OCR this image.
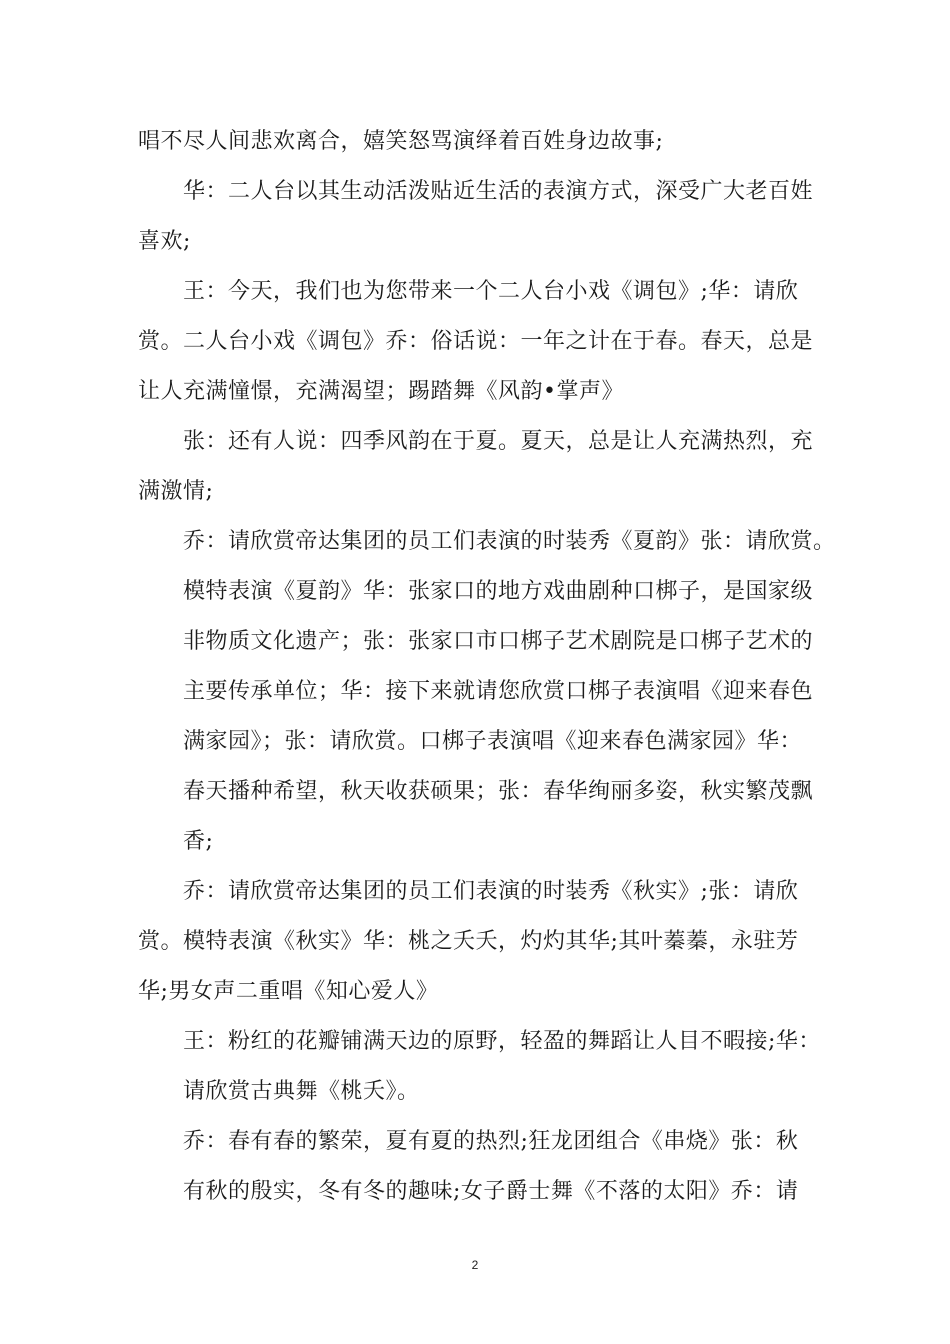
唱不尽人间悲欢离合，嬉笑怒骂演绎着百姓身边故事;
华：二人台以其生动活泼贴近生活的表演方式，深受广大老百姓
喜欢;
王：今天，我们也为您带来一个二人台小戏《调包》;华：请欣
赏。二人台小戏《调包》乔：俗话说：一年之计在于春。春天，总是
让人充满憧憬，充满渴望；踢踏舞《风韵•掌声》
张：还有人说：四季风韵在于夏。夏天，总是让人充满热烈，充
满激情;
乔：请欣赏帝达集团的员工们表演的时装秀《夏韵》张：请欣赏。
模特表演《夏韵》华：张家口的地方戏曲剧种口梆子，是国家级
非物质文化遗产；张：张家口市口梆子艺术剧院是口梆子艺术的
主要传承单位；华：接下来就请您欣赏口梆子表演唱《迎来春色
满家园》；张：请欣赏。口梆子表演唱《迎来春色满家园》华：
春天播种希望，秋天收获硕果；张：春华绚丽多姿，秋实繁茂飘
香;
乔：请欣赏帝达集团的员工们表演的时装秀《秋实》;张：请欣
赏。模特表演《秋实》华：桃之夭夭，灼灼其华;其叶蓁蓁，永驻芳
华;男女声二重唱《知心爱人》
王：粉红的花瓣铺满天边的原野，轻盈的舞蹈让人目不暇接;华：
请欣赏古典舞《桃夭》。
乔：春有春的繁荣，夏有夏的热烈;狂龙团组合《串烧》张：秋
有秋的殷实，冬有冬的趣味;女子爵士舞《不落的太阳》乔：请
2
